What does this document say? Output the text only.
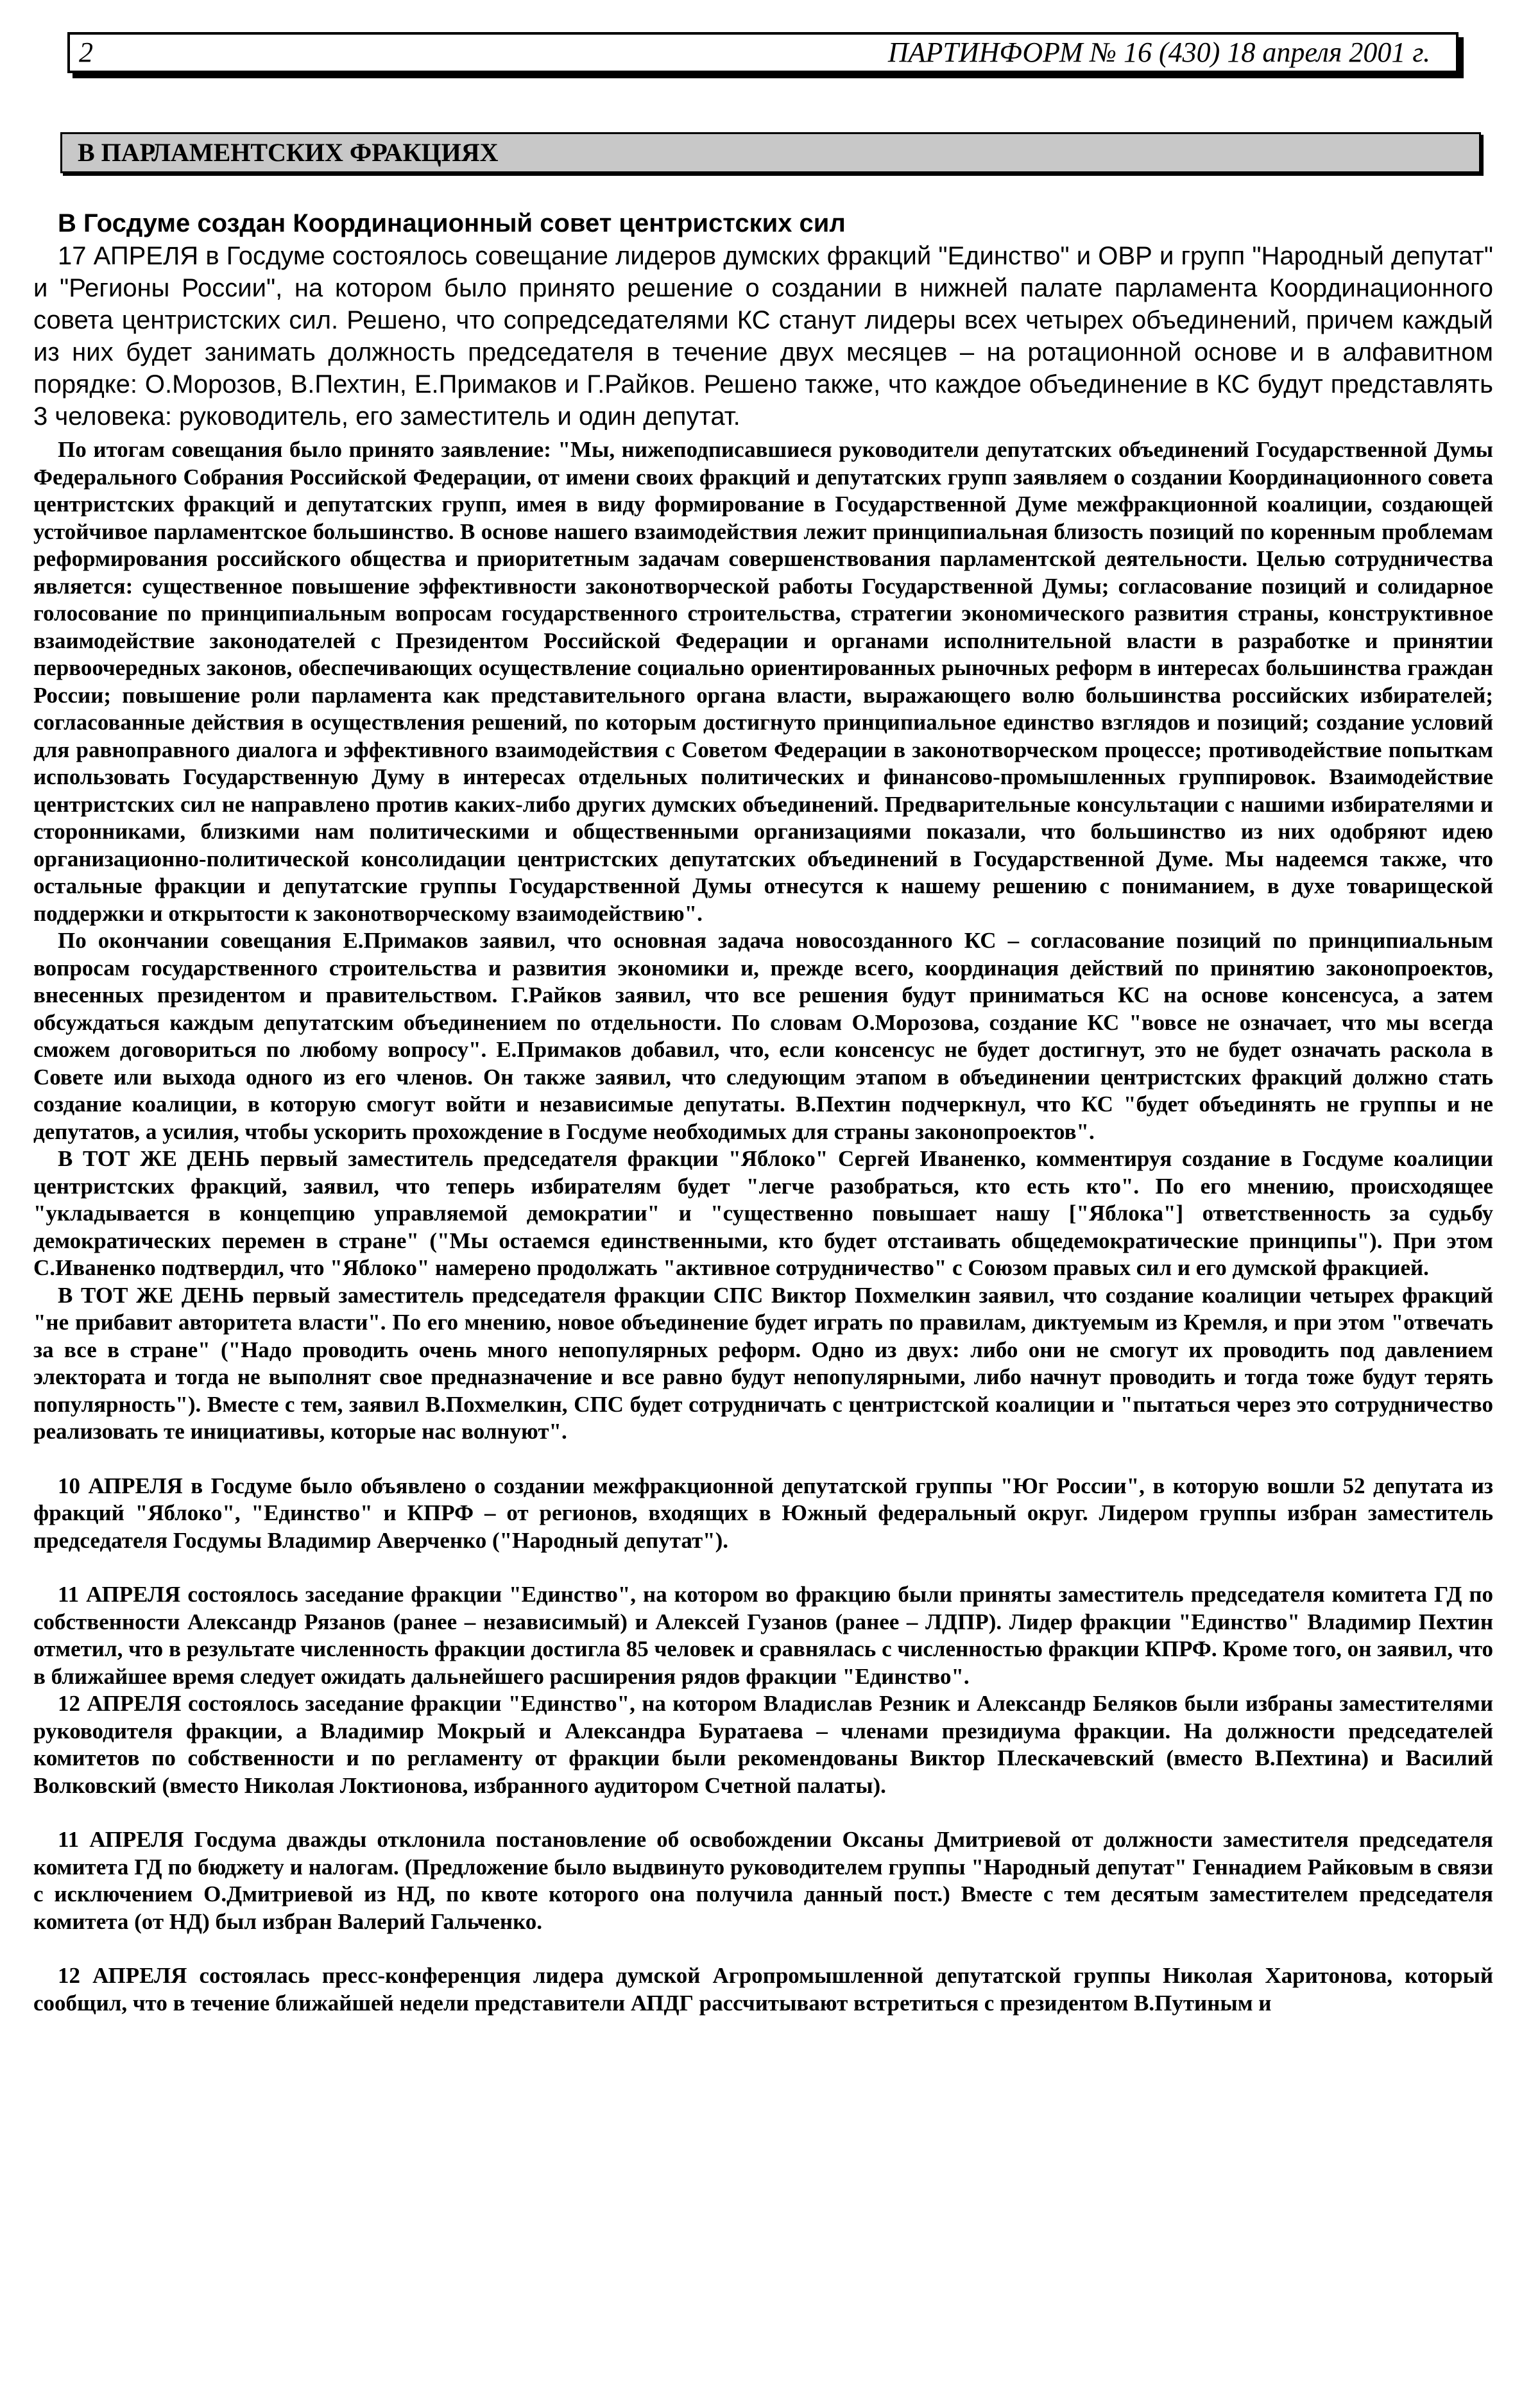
2	ПАРТИНФОРМ № 16 (430) 18 апреля 2001 г.
В ПАРЛАМЕНТСКИХ ФРАКЦИЯХ
В Госдуме создан Координационный совет центристских сил

17 АПРЕЛЯ в Госдуме состоялось совещание лидеров думских фракций "Единство" и ОВР и групп "Народный депутат" и "Регионы России", на котором было принято решение о создании в нижней палате парламента Координационного совета центристских сил. Решено, что сопредседателями КС станут лидеры всех четырех объединений, причем каждый из них будет занимать должность председателя в течение двух месяцев – на ротационной основе и в алфавитном порядке: О.Морозов, В.Пехтин, Е.Примаков и Г.Райков. Решено также, что каждое объединение в КС будут представлять 3 человека: руководитель, его заместитель и один депутат.

По итогам совещания было принято заявление: "Мы, нижеподписавшиеся руководители депутатских объединений Государственной Думы Федерального Собрания Российской Федерации, от имени своих фракций и депутатских групп заявляем о создании Координационного совета центристских фракций и депутатских групп, имея в виду формирование в Государственной Думе межфракционной коалиции, создающей устойчивое парламентское большинство. В основе нашего взаимодействия лежит принципиальная близость позиций по коренным проблемам реформирования российского общества и приоритетным задачам совершенствования парламентской деятельности. Целью сотрудничества является: существенное повышение эффективности законотворческой работы Государственной Думы; согласование позиций и солидарное голосование по принципиальным вопросам государственного строительства, стратегии экономического развития страны, конструктивное взаимодействие законодателей с Президентом Российской Федерации и органами исполнительной власти в разработке и принятии первоочередных законов, обеспечивающих осуществление социально ориентированных рыночных реформ в интересах большинства граждан России; повышение роли парламента как представительного органа власти, выражающего волю большинства российских избирателей; согласованные действия в осуществления решений, по которым достигнуто принципиальное единство взглядов и позиций; создание условий для равноправного диалога и эффективного взаимодействия с Советом Федерации в законотворческом процессе; противодействие попыткам использовать Государственную Думу в интересах отдельных политических и финансово-промышленных группировок. Взаимодействие центристских сил не направлено против каких-либо других думских объединений. Предварительные консультации с нашими избирателями и сторонниками, близкими нам политическими и общественными организациями показали, что большинство из них одобряют идею организационно-политической консолидации центристских депутатских объединений в Государственной Думе. Мы надеемся также, что остальные фракции и депутатские группы Государственной Думы отнесутся к нашему решению с пониманием, в духе товарищеской поддержки и открытости к законотворческому взаимодействию".

По окончании совещания Е.Примаков заявил, что основная задача новосозданного КС – согласование позиций по принципиальным вопросам государственного строительства и развития экономики и, прежде всего, координация действий по принятию законопроектов, внесенных президентом и правительством. Г.Райков заявил, что все решения будут приниматься КС на основе консенсуса, а затем обсуждаться каждым депутатским объединением по отдельности. По словам О.Морозова, создание КС "вовсе не означает, что мы всегда сможем договориться по любому вопросу". Е.Примаков добавил, что, если консенсус не будет достигнут, это не будет означать раскола в Совете или выхода одного из его членов. Он также заявил, что следующим этапом в объединении центристских фракций должно стать создание коалиции, в которую смогут войти и независимые депутаты. В.Пехтин подчеркнул, что КС "будет объединять не группы и не депутатов, а усилия, чтобы ускорить прохождение в Госдуме необходимых для страны законопроектов".

В ТОТ ЖЕ ДЕНЬ первый заместитель председателя фракции "Яблоко" Сергей Иваненко, комментируя создание в Госдуме коалиции центристских фракций, заявил, что теперь избирателям будет "легче разобраться, кто есть кто". По его мнению, происходящее "укладывается в концепцию управляемой демократии" и "существенно повышает нашу ["Яблока"] ответственность за судьбу демократических перемен в стране" ("Мы остаемся единственными, кто будет отстаивать общедемократические принципы"). При этом С.Иваненко подтвердил, что "Яблоко" намерено продолжать "активное сотрудничество" с Союзом правых сил и его думской фракцией.

В ТОТ ЖЕ ДЕНЬ первый заместитель председателя фракции СПС Виктор Похмелкин заявил, что создание коалиции четырех фракций "не прибавит авторитета власти". По его мнению, новое объединение будет играть по правилам, диктуемым из Кремля, и при этом "отвечать за все в стране" ("Надо проводить очень много непопулярных реформ. Одно из двух: либо они не смогут их проводить под давлением электората и тогда не выполнят свое предназначение и все равно будут непопулярными, либо начнут проводить и тогда тоже будут терять популярность"). Вместе с тем, заявил В.Похмелкин, СПС будет сотрудничать с центристской коалиции и "пытаться через это сотрудничество реализовать те инициативы, которые нас волнуют".

10 АПРЕЛЯ в Госдуме было объявлено о создании межфракционной депутатской группы "Юг России", в которую вошли 52 депутата из фракций "Яблоко", "Единство" и КПРФ – от регионов, входящих в Южный федеральный округ. Лидером группы избран заместитель председателя Госдумы Владимир Аверченко ("Народный депутат").

11 АПРЕЛЯ состоялось заседание фракции "Единство", на котором во фракцию были приняты заместитель председателя комитета ГД по собственности Александр Рязанов (ранее – независимый) и Алексей Гузанов (ранее – ЛДПР). Лидер фракции "Единство" Владимир Пехтин отметил, что в результате численность фракции достигла 85 человек и сравнялась с численностью фракции КПРФ. Кроме того, он заявил, что в ближайшее время следует ожидать дальнейшего расширения рядов фракции "Единство".

12 АПРЕЛЯ состоялось заседание фракции "Единство", на котором Владислав Резник и Александр Беляков были избраны заместителями руководителя фракции, а Владимир Мокрый и Александра Буратаева – членами президиума фракции. На должности председателей комитетов по собственности и по регламенту от фракции были рекомендованы Виктор Плескачевский (вместо В.Пехтина) и Василий Волковский (вместо Николая Локтионова, избранного аудитором Счетной палаты).

11 АПРЕЛЯ Госдума дважды отклонила постановление об освобождении Оксаны Дмитриевой от должности заместителя председателя комитета ГД по бюджету и налогам. (Предложение было выдвинуто руководителем группы "Народный депутат" Геннадием Райковым в связи с исключением О.Дмитриевой из НД, по квоте которого она получила данный пост.) Вместе с тем десятым заместителем председателя комитета (от НД) был избран Валерий Гальченко.

12 АПРЕЛЯ состоялась пресс-конференция лидера думской Агропромышленной депутатской группы Николая Харитонова, который сообщил, что в течение ближайшей недели представители АПДГ рассчитывают встретиться с президентом В.Путиным и
